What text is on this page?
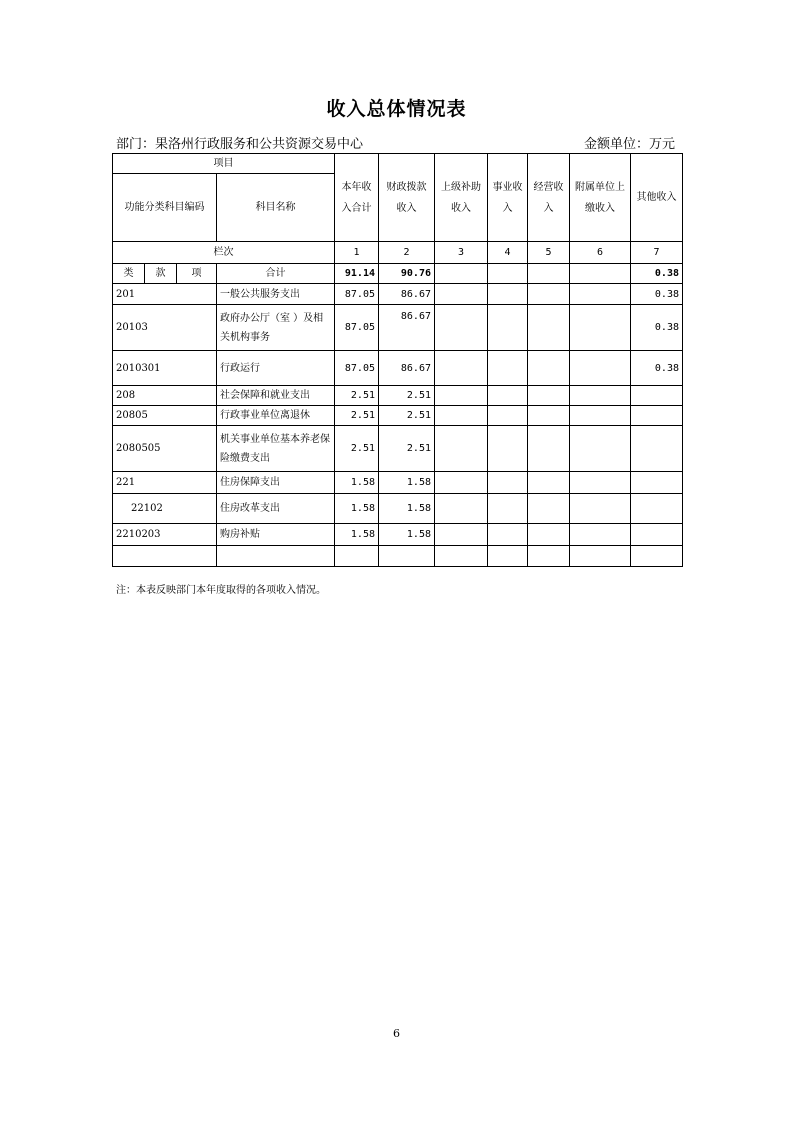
收入总体情况表
部门：果洛州行政服务和公共资源交易中心	金额单位：万元
项目				本年收入合计	财政拨款收入	上级补助收入	事业收入	经营收入	附属单位上缴收入	其他收入
功能分类科目编码			科目名称							
栏次				1	2	3	4	5	6	7
类	款	项	合计	91.14	90.76					0.38
201			一般公共服务支出	87.05	86.67					0.38
20103			政府办公厅（室 ）及相关机构事务	87.05	86.67					0.38
2010301			行政运行	87.05	86.67					0.38
208			社会保障和就业支出	2.51	2.51					
20805			行政事业单位离退休	2.51	2.51					
2080505			机关事业单位基本养老保险缴费支出	2.51	2.51					
221			住房保障支出	1.58	1.58					
22102			住房改革支出	1.58	1.58					
2210203			购房补贴	1.58	1.58					

注：本表反映部门本年度取得的各项收入情况。
6
